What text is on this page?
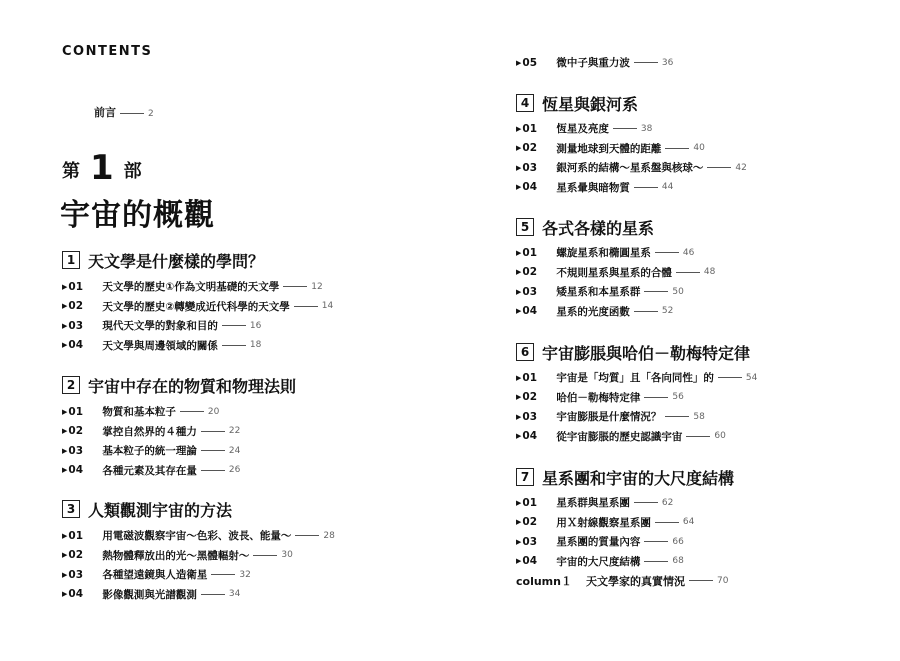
CONTENTS
前言	2
第 1 部
宇宙的概觀
1 天文學是什麼樣的學問？
▶ 01	天文學的歷史①作為文明基礎的天文學	12
▶ 02	天文學的歷史②轉變成近代科學的天文學	14
▶ 03	現代天文學的對象和目的	16
▶ 04	天文學與周邊領域的關係	18
2 宇宙中存在的物質和物理法則
▶ 01	物質和基本粒子	20
▶ 02	掌控自然界的４種力	22
▶ 03	基本粒子的統一理論	24
▶ 04	各種元素及其存在量	26
3 人類觀測宇宙的方法
▶ 01	用電磁波觀察宇宙～色彩、波長、能量～	28
▶ 02	熱物體釋放出的光～黑體輻射～	30
▶ 03	各種望遠鏡與人造衛星	32
▶ 04	影像觀測與光譜觀測	34
▶ 05	微中子與重力波	36
4 恆星與銀河系
▶ 01	恆星及亮度	38
▶ 02	測量地球到天體的距離	40
▶ 03	銀河系的結構～星系盤與核球～	42
▶ 04	星系暈與暗物質	44
5 各式各樣的星系
▶ 01	螺旋星系和橢圓星系	46
▶ 02	不規則星系與星系的合體	48
▶ 03	矮星系和本星系群	50
▶ 04	星系的光度函數	52
6 宇宙膨脹與哈伯－勒梅特定律
▶ 01	宇宙是「均質」且「各向同性」的	54
▶ 02	哈伯－勒梅特定律	56
▶ 03	宇宙膨脹是什麼情況？	58
▶ 04	從宇宙膨脹的歷史認識宇宙	60
7 星系團和宇宙的大尺度結構
▶ 01	星系群與星系團	62
▶ 02	用Ｘ射線觀察星系團	64
▶ 03	星系團的質量內容	66
▶ 04	宇宙的大尺度結構	68
column１ 天文學家的真實情況	70
